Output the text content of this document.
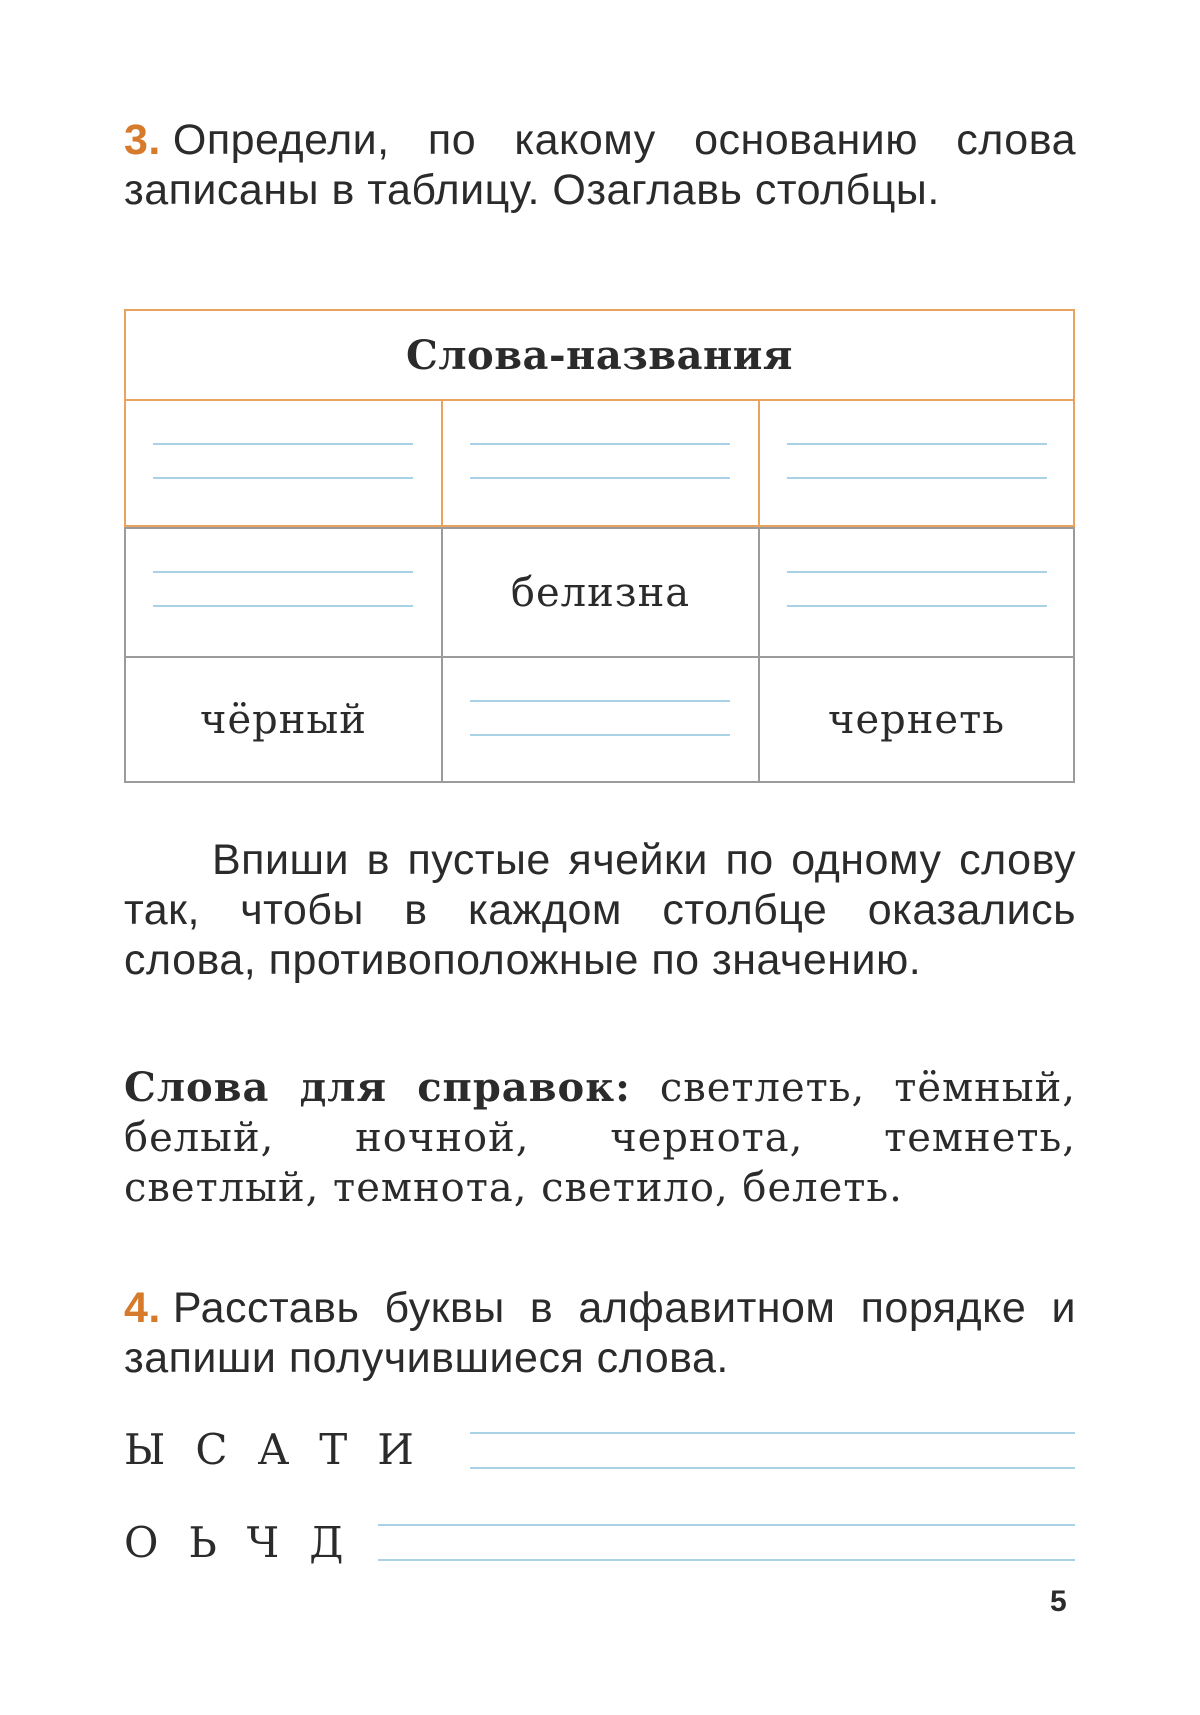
3. Определи, по какому основанию слова записаны в таблицу. Озаглавь столбцы.
Слова-названия
белизна
чёрный	чернеть
Впиши в пустые ячейки по одному слову так, чтобы в каждом столбце оказались слова, противоположные по значению.
Слова для справок: светлеть, тёмный, белый, ночной, чернота, темнеть, светлый, темнота, светило, белеть.
4. Расставь буквы в алфавитном порядке и запиши получившиеся слова.
Ы С А Т И
О Ь Ч Д
5
